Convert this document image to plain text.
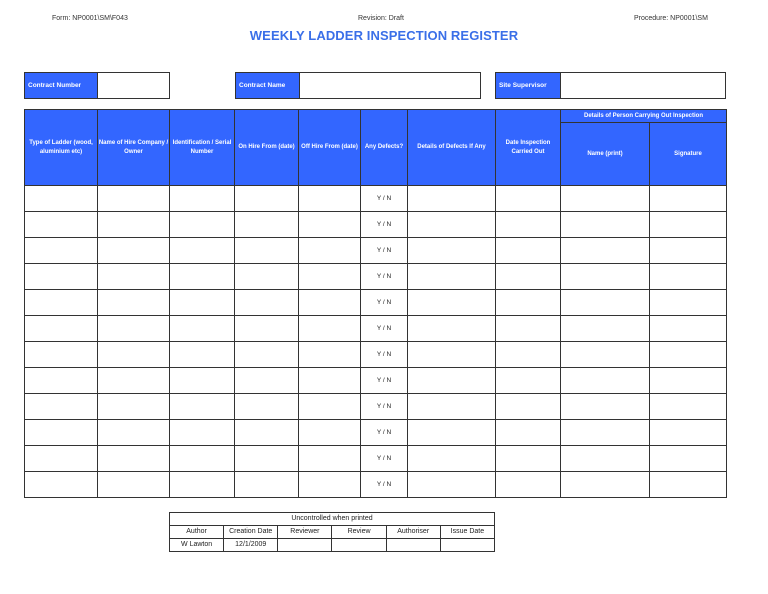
Form: NP0001\SM\F043	Revision: Draft	Procedure: NP0001\SM
WEEKLY LADDER INSPECTION REGISTER
Contract Number	Contract Name	Site Supervisor
Type of Ladder (wood, aluminium etc)	Name of Hire Company / Owner	Identification / Serial Number	On Hire From (date)	Off Hire From (date)	Any Defects?	Details of Defects If Any	Date Inspection Carried Out	Details of Person Carrying Out Inspection	
								Name (print)	Signature
					Y / N				
					Y / N				
					Y / N				
					Y / N				
					Y / N				
					Y / N				
					Y / N				
					Y / N				
					Y / N				
					Y / N				
					Y / N				
					Y / N				
Uncontrolled when printed					
Author	Creation Date	Reviewer	Review	Authoriser	Issue Date
W Lawton	12/1/2009				
